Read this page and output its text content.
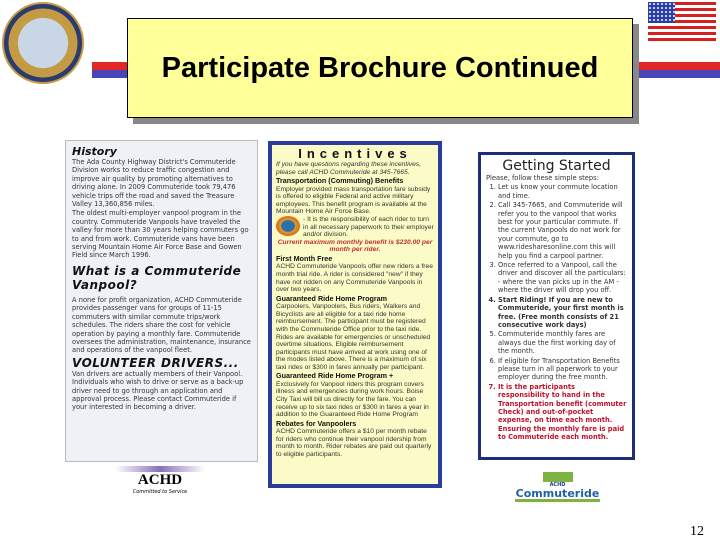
Participate Brochure Continued
History

The Ada County Highway District's Commuteride Division works to reduce traffic congestion and improve air quality by promoting alternatives to driving alone. In 2009 Commuteride took 79,476 vehicle trips off the road and saved the Treasure Valley 13,360,856 miles.

The oldest multi-employer vanpool program in the country. Commuteride Vanpools have traveled the valley for more than 30 years helping commuters go to and from work. Commuteride vans have been serving Mountain Home Air Force Base and Gowen Field since March 1996.

What is a Commuteride Vanpool?

A none for profit organization, ACHD Commuteride provides passenger vans for groups of 11-15 commuters with similar commute trips/work schedules. The riders share the cost for vehicle operation by paying a monthly fare. Commuteride oversees the administration, maintenance, insurance and operations of the vanpool fleet.

VOLUNTEER DRIVERS...

Van drivers are actually members of their Vanpool. Individuals who wish to drive or serve as a back-up driver need to go through an application and approval process. Please contact Commuteride if your interested in becoming a driver.

ACHD
Committed to Service
Incentives

If you have questions regarding these incentives, please call ACHD Commuteride at 345-7665.

Transportation (Commuting) Benefits

Employer provided mass transportation fare subsidy is offered to eligible Federal and active military employees. This benefit program is available at the Mountain Home Air Force Base.

- It is the responsibility of each rider to turn in all necessary paperwork to their employer and/or division.

Current maximum monthly benefit is $230.00 per month per rider.

First Month Free

ACHD Commuteride Vanpools offer new riders a free month trial ride. A rider is considered "new" if they have not ridden on any Commuteride Vanpools in over two years.

Guaranteed Ride Home Program

Carpoolers, Vanpoolers, Bus riders, Walkers and Bicyclists are all eligible for a taxi ride home reimbursement. The participant must be registered with the Commuteride Office prior to the taxi ride. Rides are available for emergencies or unscheduled overtime situations. Eligible reimbursement participants must have arrived at work using one of the modes listed above. There is a maximum of six taxi rides or $300 in fares annually per participant.

Guaranteed Ride Home Program +

Exclusively for Vanpool riders this program covers illness and emergencies during work hours. Boise City Taxi will bill us directly for the fare. You can receive up to six taxi rides or $300 in fares a year in addition to the Guaranteed Ride Home Program

Rebates for Vanpoolers

ACHD Commuteride offers a $10 per month rebate for riders who continue their vanpool ridership from month to month. Rider rebates are paid out quarterly to eligible participants.

Getting Started

Please, follow these simple steps:

1. Let us know your commute location and time.
2. Call 345-7665, and Commuteride will refer you to the vanpool that works best for your particular commute. If the current Vanpools do not work for your commute, go to www.ridesharesonline.com this will help you find a carpool partner.
3. Once referred to a Vanpool, call the driver and discover all the particulars: - where the van picks up in the AM - where the driver will drop you off.
4. Start Riding! If you are new to Commuteride, your first month is free. (Free month consists of 21 consecutive work days)
5. Commuteride monthly fares are always due the first working day of the month.
6. If eligible for Transportation Benefits please turn in all paperwork to your employer during the free month.
7. It is the participants responsibility to hand in the Transportation benefit (commuter Check) and out-of-pocket expense, on time each month. Ensuring the monthly fare is paid to Commuteride each month.
ACHD
Commuteride
12
